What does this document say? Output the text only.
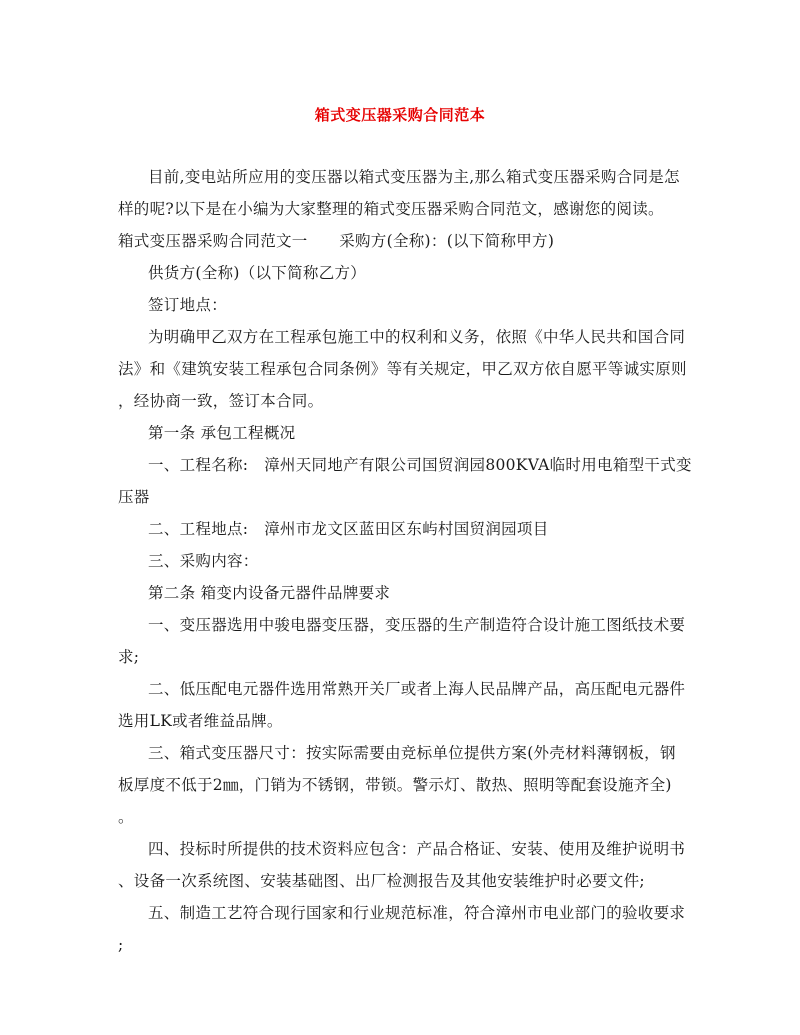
箱式变压器采购合同范本
目前,变电站所应用的变压器以箱式变压器为主,那么箱式变压器采购合同是怎
样的呢?以下是在小编为大家整理的箱式变压器采购合同范文，感谢您的阅读。
箱式变压器采购合同范文一　　采购方(全称)：(以下简称甲方)
供货方(全称)（以下简称乙方）
签订地点：
为明确甲乙双方在工程承包施工中的权利和义务，依照《中华人民共和国合同
法》和《建筑安装工程承包合同条例》等有关规定，甲乙双方依自愿平等诚实原则
，经协商一致，签订本合同。
第一条 承包工程概况
一、工程名称:　漳州天同地产有限公司国贸润园800KVA临时用电箱型干式变
压器
二、工程地点:　漳州市龙文区蓝田区东屿村国贸润园项目
三、采购内容：
第二条 箱变内设备元器件品牌要求
一、变压器选用中骏电器变压器，变压器的生产制造符合设计施工图纸技术要
求;
二、低压配电元器件选用常熟开关厂或者上海人民品牌产品，高压配电元器件
选用LK或者维益品牌。
三、箱式变压器尺寸：按实际需要由竞标单位提供方案(外壳材料薄钢板，钢
板厚度不低于2㎜，门销为不锈钢，带锁。警示灯、散热、照明等配套设施齐全)
。
四、投标时所提供的技术资料应包含：产品合格证、安装、使用及维护说明书
、设备一次系统图、安装基础图、出厂检测报告及其他安装维护时必要文件;
五、制造工艺符合现行国家和行业规范标准，符合漳州市电业部门的验收要求
;
